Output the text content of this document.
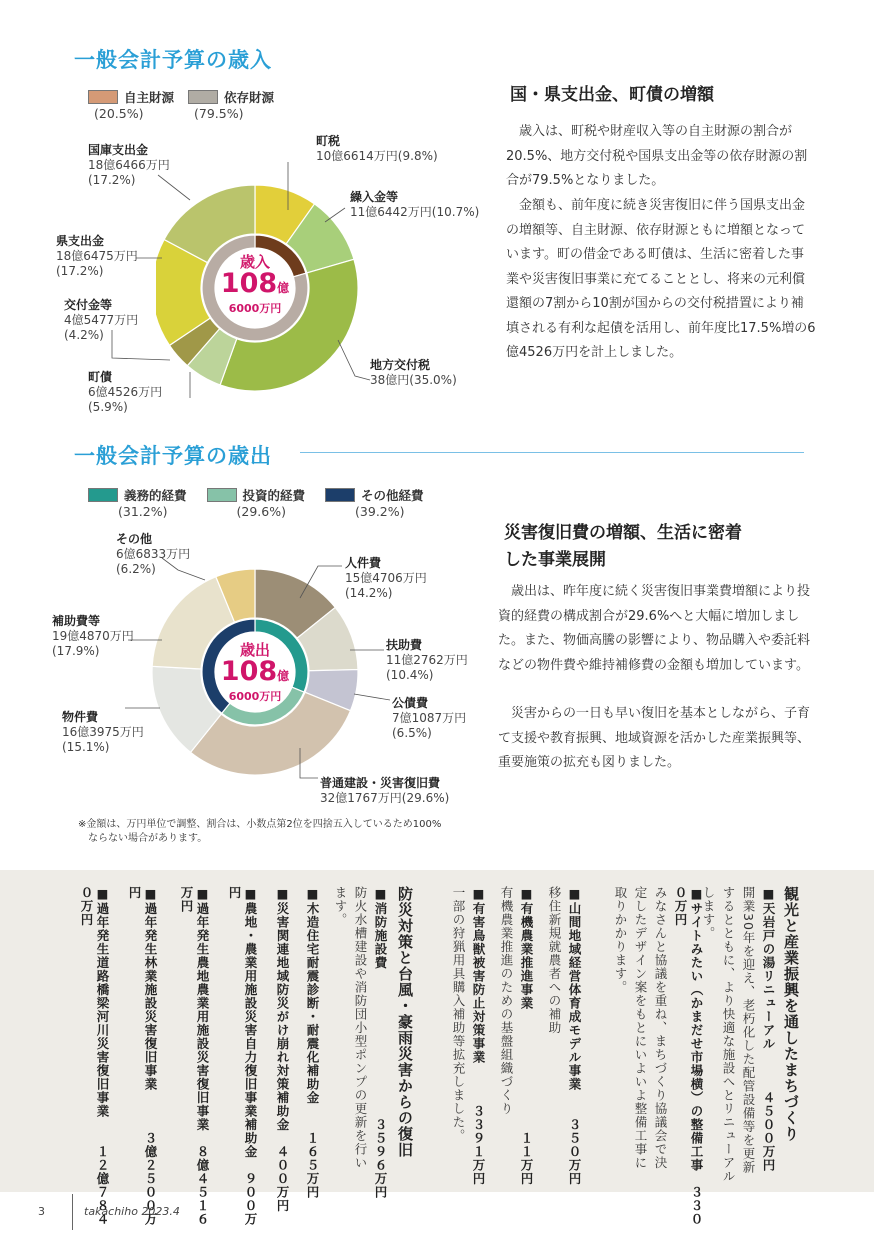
一般会計予算の歳入
自主財源
(20.5%)
依存財源
(79.5%)
歳入
108億
6000万円
町税
10億6614万円(9.8%)
繰入金等
11億6442万円(10.7%)
地方交付税
38億円(35.0%)
町債
6億4526万円
(5.9%)
交付金等
4億5477万円
(4.2%)
県支出金
18億6475万円
(17.2%)
国庫支出金
18億6466万円
(17.2%)
国・県支出金、町債の増額

歳入は、町税や財産収入等の自主財源の割合が20.5%、地方交付税や国県支出金等の依存財源の割合が79.5%となりました。

金額も、前年度に続き災害復旧に伴う国県支出金の増額等、自主財源、依存財源ともに増額となっています。町の借金である町債は、生活に密着した事業や災害復旧事業に充てることとし、将来の元利償還額の7割から10割が国からの交付税措置により補填される有利な起債を活用し、前年度比17.5%増の6億4526万円を計上しました。

一般会計予算の歳出
義務的経費
(31.2%)
投資的経費
(29.6%)
その他経費
(39.2%)
歳出
108億
6000万円
人件費
15億4706万円
(14.2%)
扶助費
11億2762万円
(10.4%)
公債費
7億1087万円
(6.5%)
普通建設・災害復旧費
32億1767万円(29.6%)
物件費
16億3975万円
(15.1%)
補助費等
19億4870万円
(17.9%)
その他
6億6833万円
(6.2%)
※金額は、万円単位で調整、割合は、小数点第2位を四捨五入しているため100%
ならない場合があります。
災害復旧費の増額、生活に密着
した事業展開

歳出は、昨年度に続く災害復旧事業費増額により投資的経費の構成割合が29.6%へと大幅に増加しました。また、物価高騰の影響により、物品購入や委託料などの物件費や維持補修費の金額も増加しています。

災害からの一日も早い復旧を基本としながら、子育て支援や教育振興、地域資源を活かした産業振興等、重要施策の拡充も図りました。

観光と産業振興を通したまちづくり
■天岩戸の湯リニューアル　　　４５００万円
開業30年を迎え、老朽化した配管設備等を更新
するとともに、より快適な施設へとリニューアル
します。
■サイトみたい（かまだせ市場横）の整備工事　３３００万円
みなさんと協議を重ね、まちづくり協議会で決
定したデザイン案をもとにいよいよ整備工事に
取りかかります。
■山間地域経営体育成モデル事業　　３５０万円
移住新規就農者への補助
■有機農業推進事業　　　　　　　　　１１万円
有機農業推進のための基盤組織づくり
■有害鳥獣被害防止対策事業　　　３３９１万円
一部の狩猟用具購入補助等拡充しました。
防災対策と台風・豪雨災害からの復旧
■消防施設費　　　　　　　　　　　３５９６万円
防火水槽建設や消防団小型ポンプの更新を行い
ます。
■木造住宅耐震診断・耐震化補助金　　１６５万円
■災害関連地域防災がけ崩れ対策補助金　４００万円
■農地・農業用施設災害自力復旧事業補助金　９００万円
■過年発生農地農業用施設災害復旧事業　８億４５１６万円
■過年発生林業施設災害復旧事業　　　３億２５００万円
■過年発生道路橋梁河川災害復旧事業　　１２億７８４０万円
3	takachiho 2023.4
